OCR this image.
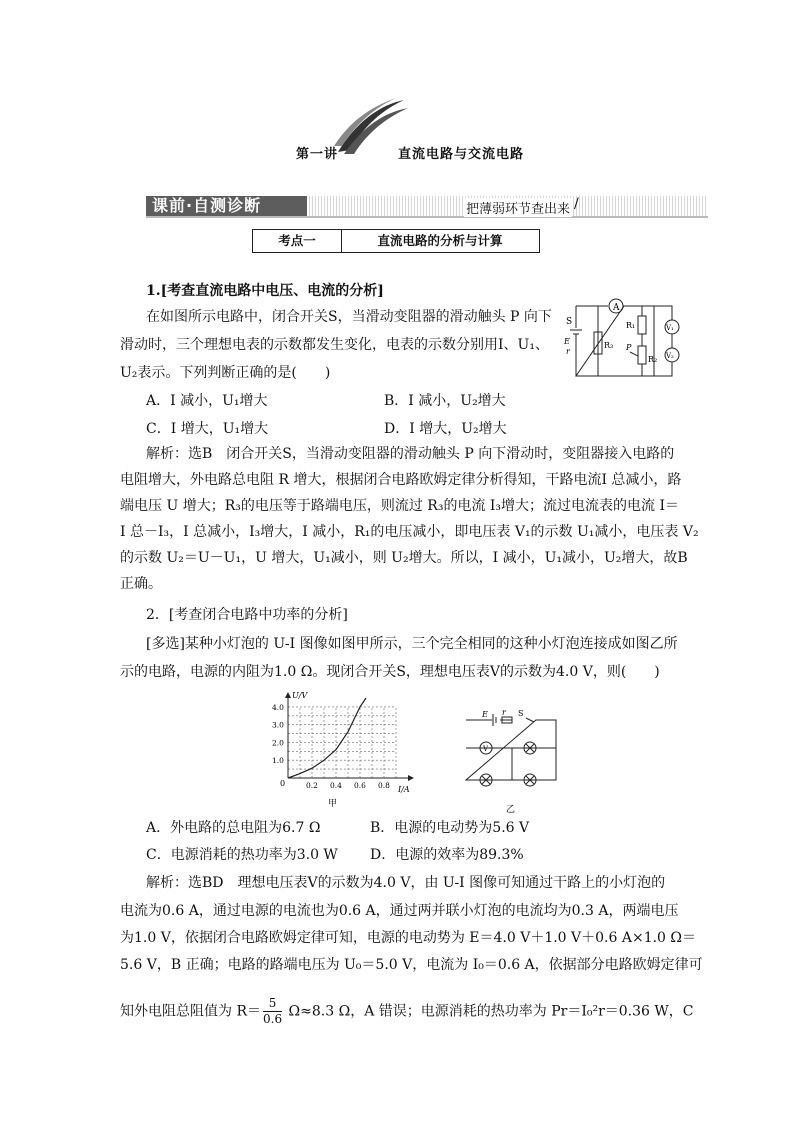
第一讲	直流电路与交流电路
课前·自测诊断	把薄弱环节查出来 /
考点一	直流电路的分析与计算
1.[考查直流电路中电压、电流的分析]
在如图所示电路中，闭合开关S，当滑动变阻器的滑动触头 P 向下
滑动时，三个理想电表的示数都发生变化，电表的示数分别用I、U₁、
U₂表示。下列判断正确的是(　　)
A．I 减小，U₁增大	B．I 减小，U₂增大
C．I 增大，U₁增大	D．I 增大，U₂增大
A
S
E
r
R₃
R₁
R₂
P
V₁
V₂
解析：选B　闭合开关S，当滑动变阻器的滑动触头 P 向下滑动时，变阻器接入电路的
电阻增大，外电路总电阻 R 增大，根据闭合电路欧姆定律分析得知，干路电流I 总减小，路
端电压 U 增大；R₃的电压等于路端电压，则流过 R₃的电流 I₃增大；流过电流表的电流 I＝
I 总－I₃，I 总减小，I₃增大，I 减小，R₁的电压减小，即电压表 V₁的示数 U₁减小，电压表 V₂
的示数 U₂＝U－U₁，U 增大，U₁减小，则 U₂增大。所以，I 减小，U₁减小，U₂增大，故B
正确。
2．[考查闭合电路中功率的分析]
[多选]某种小灯泡的 U-I 图像如图甲所示，三个完全相同的这种小灯泡连接成如图乙所
示的电路，电源的内阻为1.0 Ω。现闭合开关S，理想电压表V的示数为4.0 V，则(　　)
0.2 0.4 0.6 0.8
1.0
2.0
3.0
4.0
U/V
I/A
0
甲
E r S
V
乙
A．外电路的总电阻为6.7 Ω	B．电源的电动势为5.6 V
C．电源消耗的热功率为3.0 W D．电源的效率为89.3%
解析：选BD　理想电压表V的示数为4.0 V，由 U-I 图像可知通过干路上的小灯泡的
电流为0.6 A，通过电源的电流也为0.6 A，通过两并联小灯泡的电流均为0.3 A，两端电压
为1.0 V，依据闭合电路欧姆定律可知，电源的电动势为 E＝4.0 V＋1.0 V＋0.6 A×1.0 Ω＝
5.6 V，B 正确；电路的路端电压为 U₀＝5.0 V，电流为 I₀＝0.6 A，依据部分电路欧姆定律可
知外电阻总阻值为 $R= \frac{5}{0.6} \Omega\approx 8.3$ Ω，A 错误；电源消耗的热功率为 Pr＝I₀²r＝0.36 W，C
